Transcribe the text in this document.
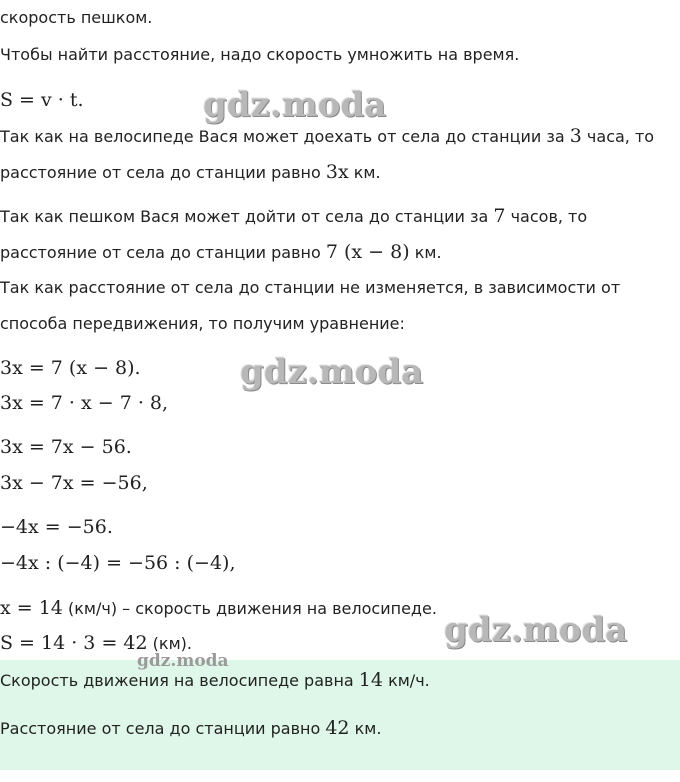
скорость пешком.
Чтобы найти расстояние, надо скорость умножить на время.
S = v · t.
Так как на велосипеде Вася может доехать от села до станции за 3 часа, то
расстояние от села до станции равно 3x км.
Так как пешком Вася может дойти от села до станции за 7 часов, то
расстояние от села до станции равно 7 (x − 8) км.
Так как расстояние от села до станции не изменяется, в зависимости от
способа передвижения, то получим уравнение:
3x = 7 (x − 8).
3x = 7 · x − 7 · 8,
3x = 7x − 56.
3x − 7x = −56,
−4x = −56.
−4x : (−4) = −56 : (−4),
x = 14 (км/ч) – скорость движения на велосипеде.
S = 14 · 3 = 42 (км).
Скорость движения на велосипеде равна 14 км/ч.
Расстояние от села до станции равно 42 км.
gdz.moda
gdz.moda
gdz.moda
gdz.moda
